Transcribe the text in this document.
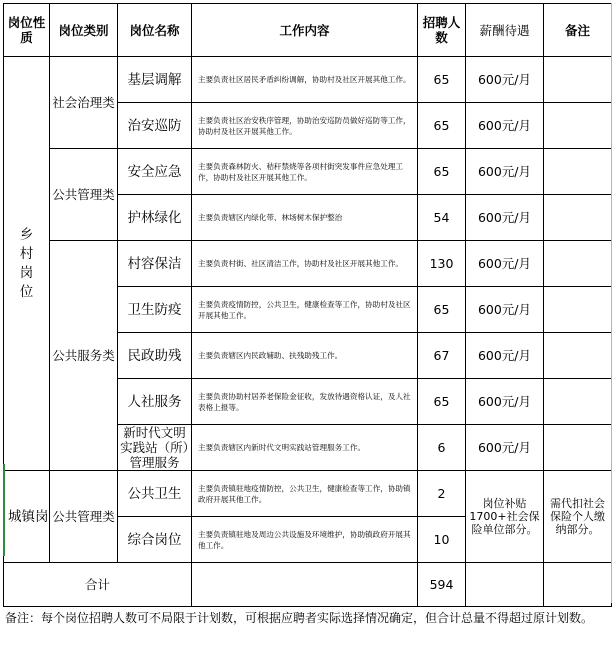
岗位性质	岗位类别	岗位名称	工作内容	招聘人数	薪酬待遇	备注
乡村岗位	社会治理类	基层调解	主要负责社区居民矛盾纠纷调解，协助村及社区开展其他工作。	65	600元/月	
		治安巡防	主要负责社区治安秩序管理，协助治安巡防员做好巡防等工作，协助村及社区开展其他工作。	65	600元/月	
	公共管理类	安全应急	主要负责森林防火、秸秆禁烧等各项村街突发事件应急处理工作，协助村及社区开展其他工作。	65	600元/月	
		护林绿化	主要负责辖区内绿化带、林场树木保护整治	54	600元/月	
	公共服务类	村容保洁	主要负责村街、社区清洁工作，协助村及社区开展其他工作。	130	600元/月	
		卫生防疫	主要负责疫情防控，公共卫生，健康检查等工作，协助村及社区开展其他工作。	65	600元/月	
		民政助残	主要负责辖区内民政辅助、扶残助残工作。	67	600元/月	
		人社服务	主要负责协助村居养老保险金征收，发放待遇资格认证，及人社表格上报等。	65	600元/月	
		新时代文明实践站（所）管理服务	主要负责辖区内新时代文明实践站管理服务工作。	6	600元/月	
城镇岗	公共管理类	公共卫生	主要负责镇驻地疫情防控，公共卫生，健康检查等工作，协助镇政府开展其他工作。	2	岗位补贴1700+社会保险单位部分。	需代扣社会保险个人缴纳部分。
		综合岗位	主要负责镇驻地及周边公共设施及环境维护，协助镇政府开展其他工作。	10		
合计				594		
备注：每个岗位招聘人数可不局限于计划数，可根据应聘者实际选择情况确定，但合计总量不得超过原计划数。
